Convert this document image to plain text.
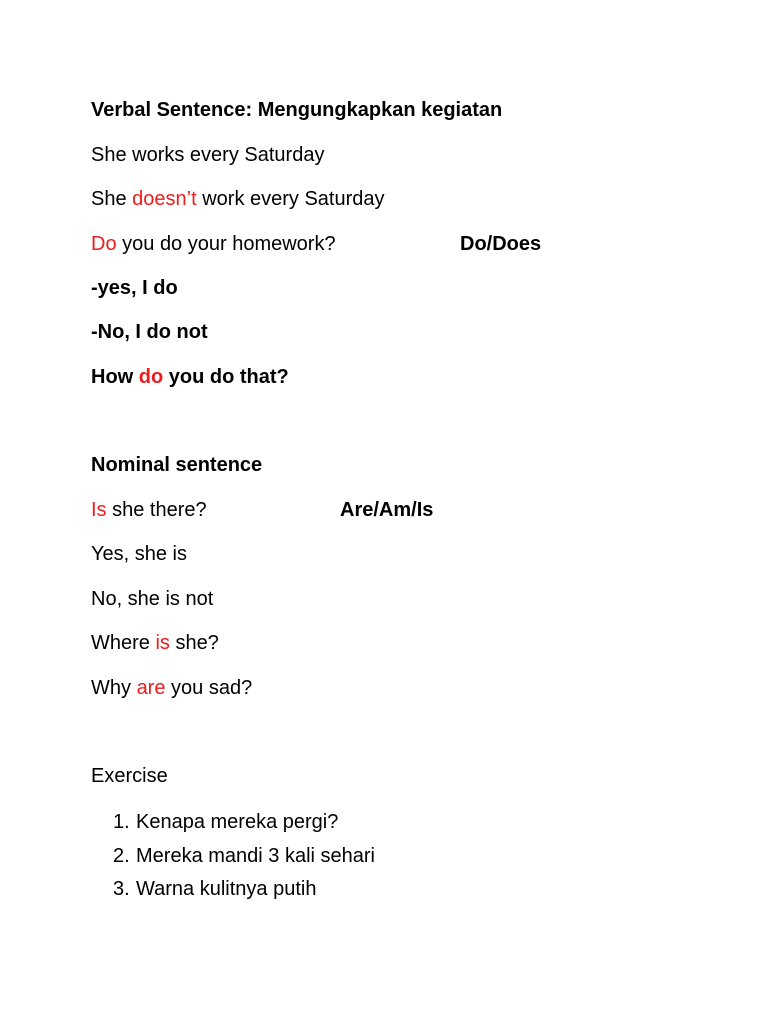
Verbal Sentence: Mengungkapkan kegiatan
She works every Saturday
She doesn’t work every Saturday
Do you do your homework?	Do/Does
-yes, I do
-No, I do not
How do you do that?
Nominal sentence
Is she there?	Are/Am/Is
Yes, she is
No, she is not
Where is she?
Why are you sad?
Exercise
1. Kenapa mereka pergi?
2. Mereka mandi 3 kali sehari
3. Warna kulitnya putih
